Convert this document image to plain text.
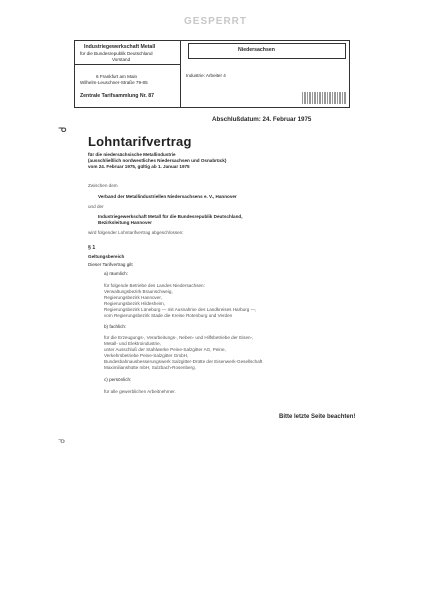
GESPERRT
Industriegewerkschaft Metall
für die Bundesrepublik Deutschland
Vorstand
6 Frankfurt am Main
Wilhelm-Leuschner-Straße 79-85
Zentrale Tarifsammlung Nr. 87
Niedersachsen
Industrie: Arbeiter 4
Abschlußdatum: 24. Februar 1975
ᓀ
Lohntarifvertrag
für die niedersächsische Metallindustrie
(ausschließlich nordwestliches Niedersachsen und Osnabrück)
vom 24. Februar 1975, gültig ab 1. Januar 1975
Zwischen dem
Verband der Metallindustriellen Niedersachsens e. V., Hannover
und der
Industriegewerkschaft Metall für die Bundesrepublik Deutschland,
Bezirksleitung Hannover
wird folgender Lohntarifvertrag abgeschlossen:
§ 1
Geltungsbereich
Dieser Tarifvertrag gilt
a) räumlich:
für folgende Betriebe des Landes Niedersachsen:
Verwaltungsbezirk Braunschweig,
Regierungsbezirk Hannover,
Regierungsbezirk Hildesheim,
Regierungsbezirk Lüneburg — mit Ausnahme des Landkreises Harburg —,
vom Regierungsbezirk Stade die Kreise Rotenburg und Verden
b) fachlich:
für die Erzeugungs-, Verarbeitungs-, Neben- und Hilfsbetriebe der Eisen-,
Metall- und Elektroindustrie,
unter Ausschluß der Stahlwerke Peine-Salzgitter AG, Peine,
Verkehrsbetriebe Peine-Salzgitter GmbH,
Bundesbahnausbesserungswerk Salzgitter-Drütte der Eisenwerk-Gesellschaft
Maximilianshütte mbH, Sulzbach-Rosenberg.
c) persönlich:
für alle gewerblichen Arbeitnehmer.
Bitte letzte Seite beachten!
ᓀ
